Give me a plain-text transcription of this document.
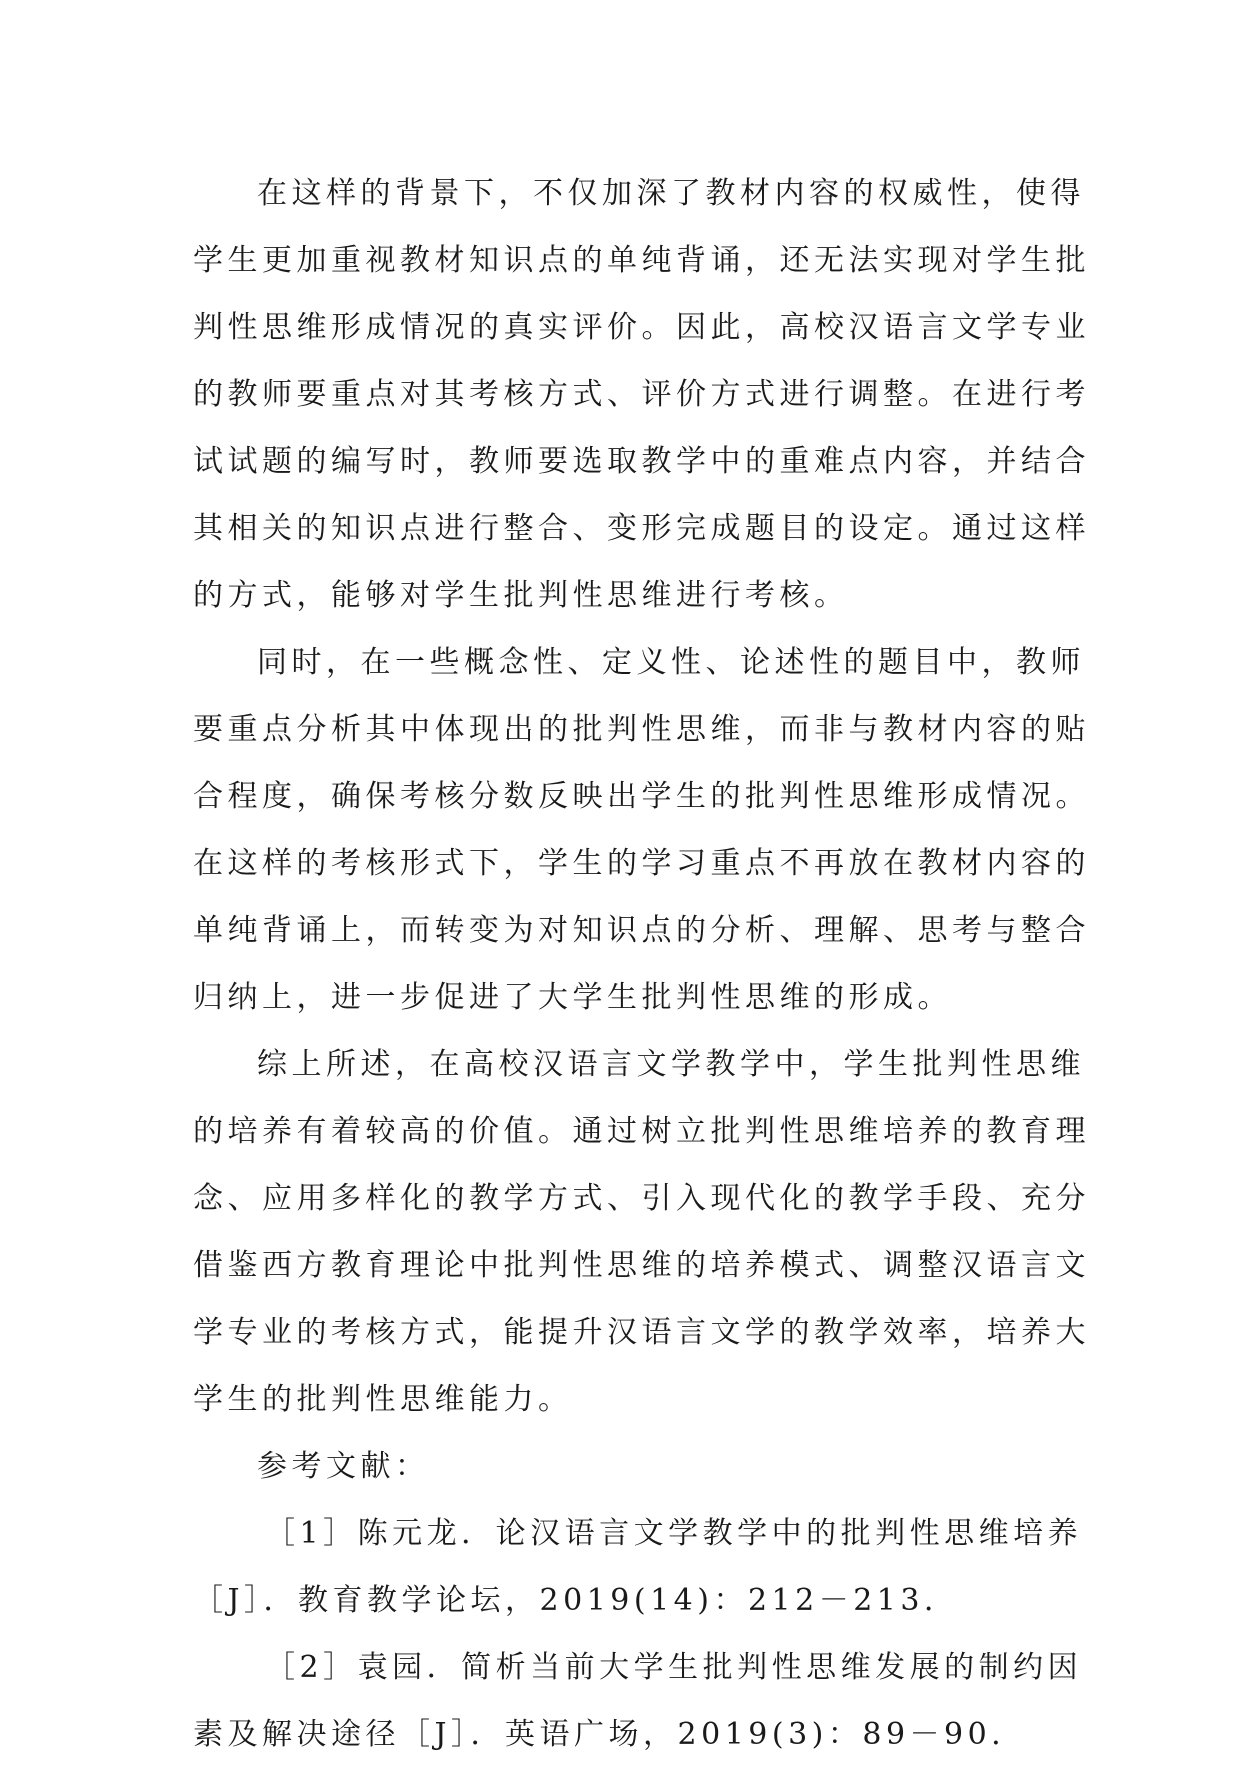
在这样的背景下，不仅加深了教材内容的权威性，使得
学生更加重视教材知识点的单纯背诵，还无法实现对学生批
判性思维形成情况的真实评价。因此，高校汉语言文学专业
的教师要重点对其考核方式、评价方式进行调整。在进行考
试试题的编写时，教师要选取教学中的重难点内容，并结合
其相关的知识点进行整合、变形完成题目的设定。通过这样
的方式，能够对学生批判性思维进行考核。
同时，在一些概念性、定义性、论述性的题目中，教师
要重点分析其中体现出的批判性思维，而非与教材内容的贴
合程度，确保考核分数反映出学生的批判性思维形成情况。
在这样的考核形式下，学生的学习重点不再放在教材内容的
单纯背诵上，而转变为对知识点的分析、理解、思考与整合
归纳上，进一步促进了大学生批判性思维的形成。
综上所述，在高校汉语言文学教学中，学生批判性思维
的培养有着较高的价值。通过树立批判性思维培养的教育理
念、应用多样化的教学方式、引入现代化的教学手段、充分
借鉴西方教育理论中批判性思维的培养模式、调整汉语言文
学专业的考核方式，能提升汉语言文学的教学效率，培养大
学生的批判性思维能力。
参考文献：
［1］陈元龙．论汉语言文学教学中的批判性思维培养
［J］．教育教学论坛，2019(14)：212－213．
［2］袁园．简析当前大学生批判性思维发展的制约因
素及解决途径［J］．英语广场，2019(3)：89－90．
